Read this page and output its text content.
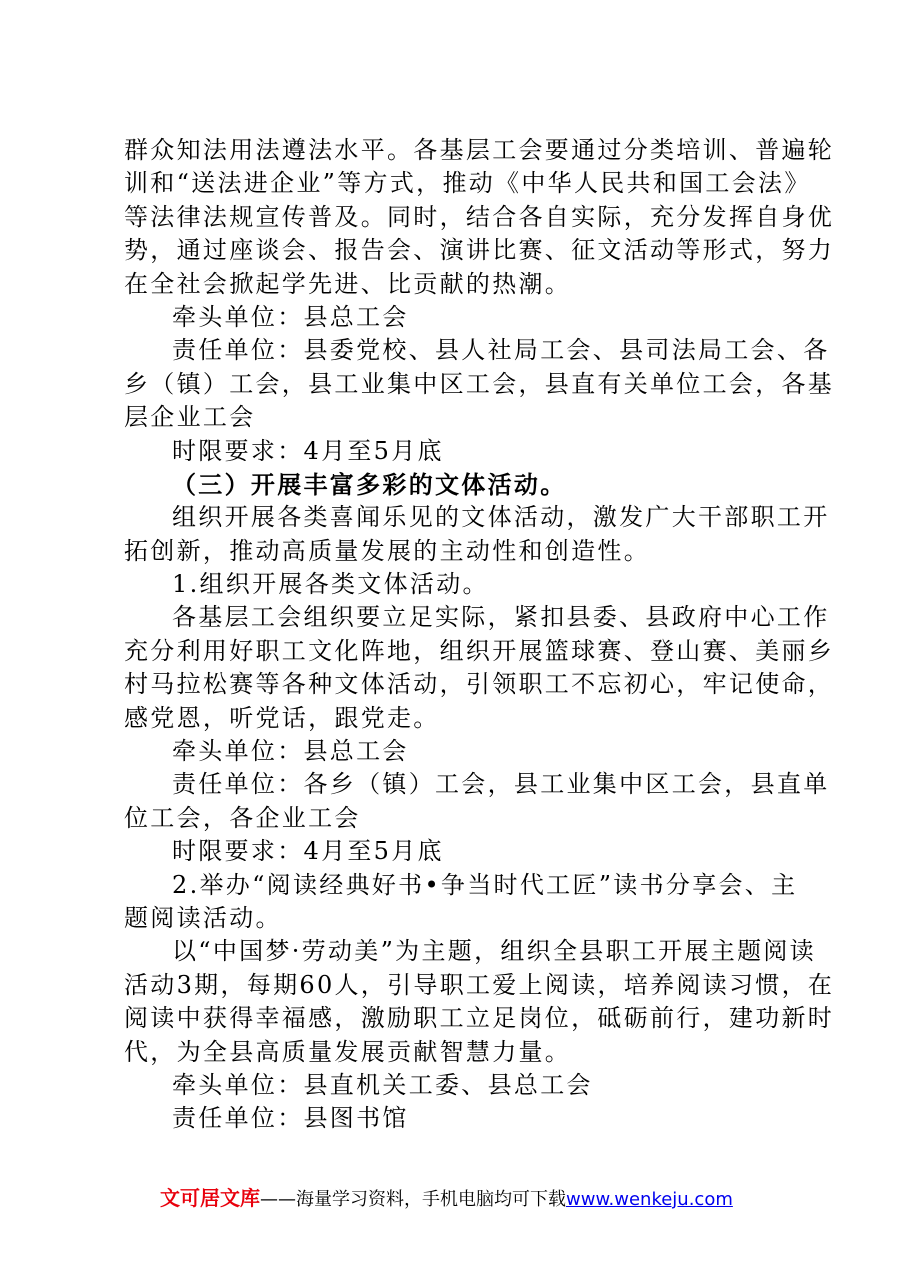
群众知法用法遵法水平。各基层工会要通过分类培训、普遍轮
训和“送法进企业”等方式，推动《中华人民共和国工会法》
等法律法规宣传普及。同时，结合各自实际，充分发挥自身优
势，通过座谈会、报告会、演讲比赛、征文活动等形式，努力
在全社会掀起学先进、比贡献的热潮。
牵头单位：县总工会
责任单位：县委党校、县人社局工会、县司法局工会、各
乡（镇）工会，县工业集中区工会，县直有关单位工会，各基
层企业工会
时限要求：4月至5月底
（三）开展丰富多彩的文体活动。
组织开展各类喜闻乐见的文体活动，激发广大干部职工开
拓创新，推动高质量发展的主动性和创造性。
1.组织开展各类文体活动。
各基层工会组织要立足实际，紧扣县委、县政府中心工作
充分利用好职工文化阵地，组织开展篮球赛、登山赛、美丽乡
村马拉松赛等各种文体活动，引领职工不忘初心，牢记使命，
感党恩，听党话，跟党走。
牵头单位：县总工会
责任单位：各乡（镇）工会，县工业集中区工会，县直单
位工会，各企业工会
时限要求：4月至5月底
2.举办“阅读经典好书•争当时代工匠”读书分享会、主
题阅读活动。
以“中国梦·劳动美”为主题，组织全县职工开展主题阅读
活动3期，每期60人，引导职工爱上阅读，培养阅读习惯，在
阅读中获得幸福感，激励职工立足岗位，砥砺前行，建功新时
代，为全县高质量发展贡献智慧力量。
牵头单位：县直机关工委、县总工会
责任单位：县图书馆
文可居文库——海量学习资料，手机电脑均可下载www.wenkeju.com
